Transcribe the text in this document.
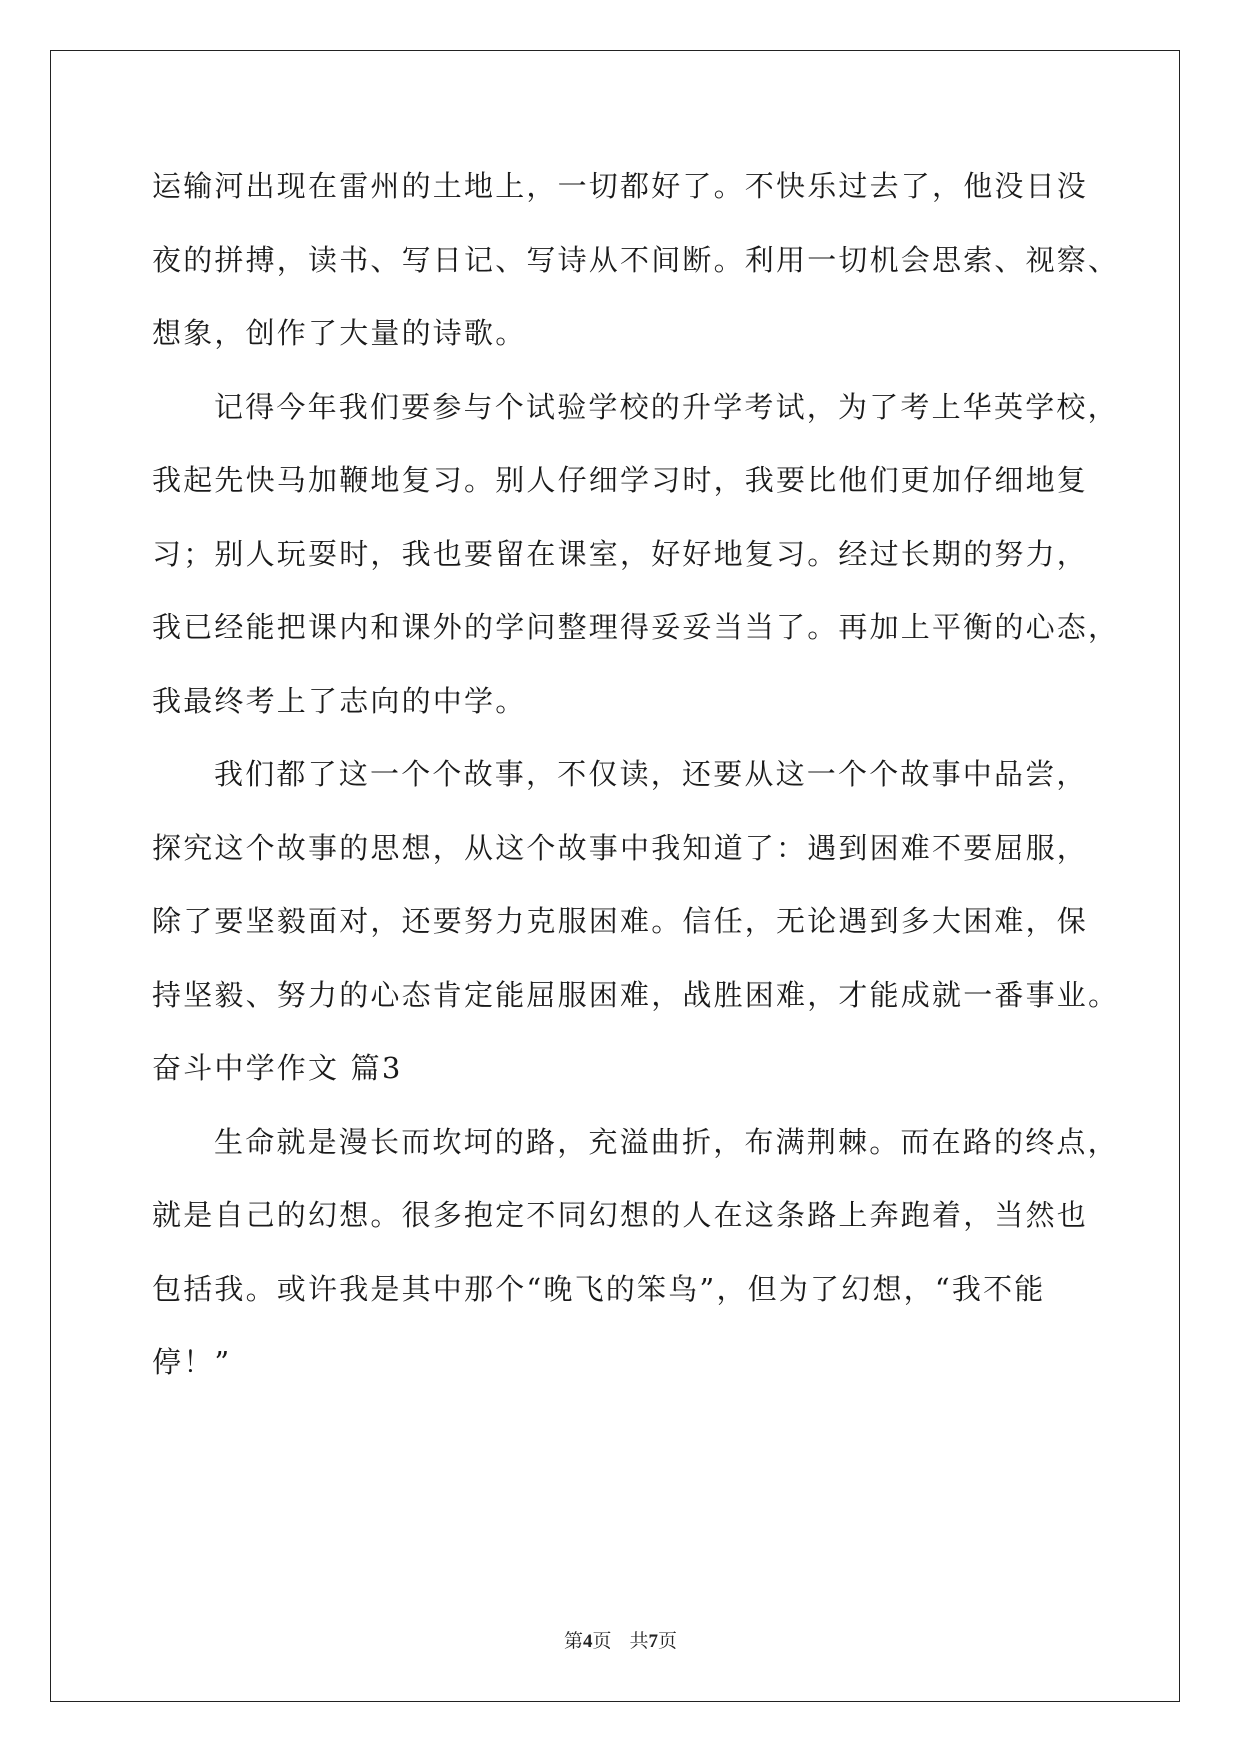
运输河出现在雷州的土地上，一切都好了。不快乐过去了，他没日没
夜的拼搏，读书、写日记、写诗从不间断。利用一切机会思索、视察、
想象，创作了大量的诗歌。
记得今年我们要参与个试验学校的升学考试，为了考上华英学校，
我起先快马加鞭地复习。别人仔细学习时，我要比他们更加仔细地复
习；别人玩耍时，我也要留在课室，好好地复习。经过长期的努力，
我已经能把课内和课外的学问整理得妥妥当当了。再加上平衡的心态，
我最终考上了志向的中学。
我们都了这一个个故事，不仅读，还要从这一个个故事中品尝，
探究这个故事的思想，从这个故事中我知道了：遇到困难不要屈服，
除了要坚毅面对，还要努力克服困难。信任，无论遇到多大困难，保
持坚毅、努力的心态肯定能屈服困难，战胜困难，才能成就一番事业。
奋斗中学作文 篇3
生命就是漫长而坎坷的路，充溢曲折，布满荆棘。而在路的终点，
就是自己的幻想。很多抱定不同幻想的人在这条路上奔跑着，当然也
包括我。或许我是其中那个“晚飞的笨鸟”，但为了幻想，“我不能
停！”
第4页 共7页
